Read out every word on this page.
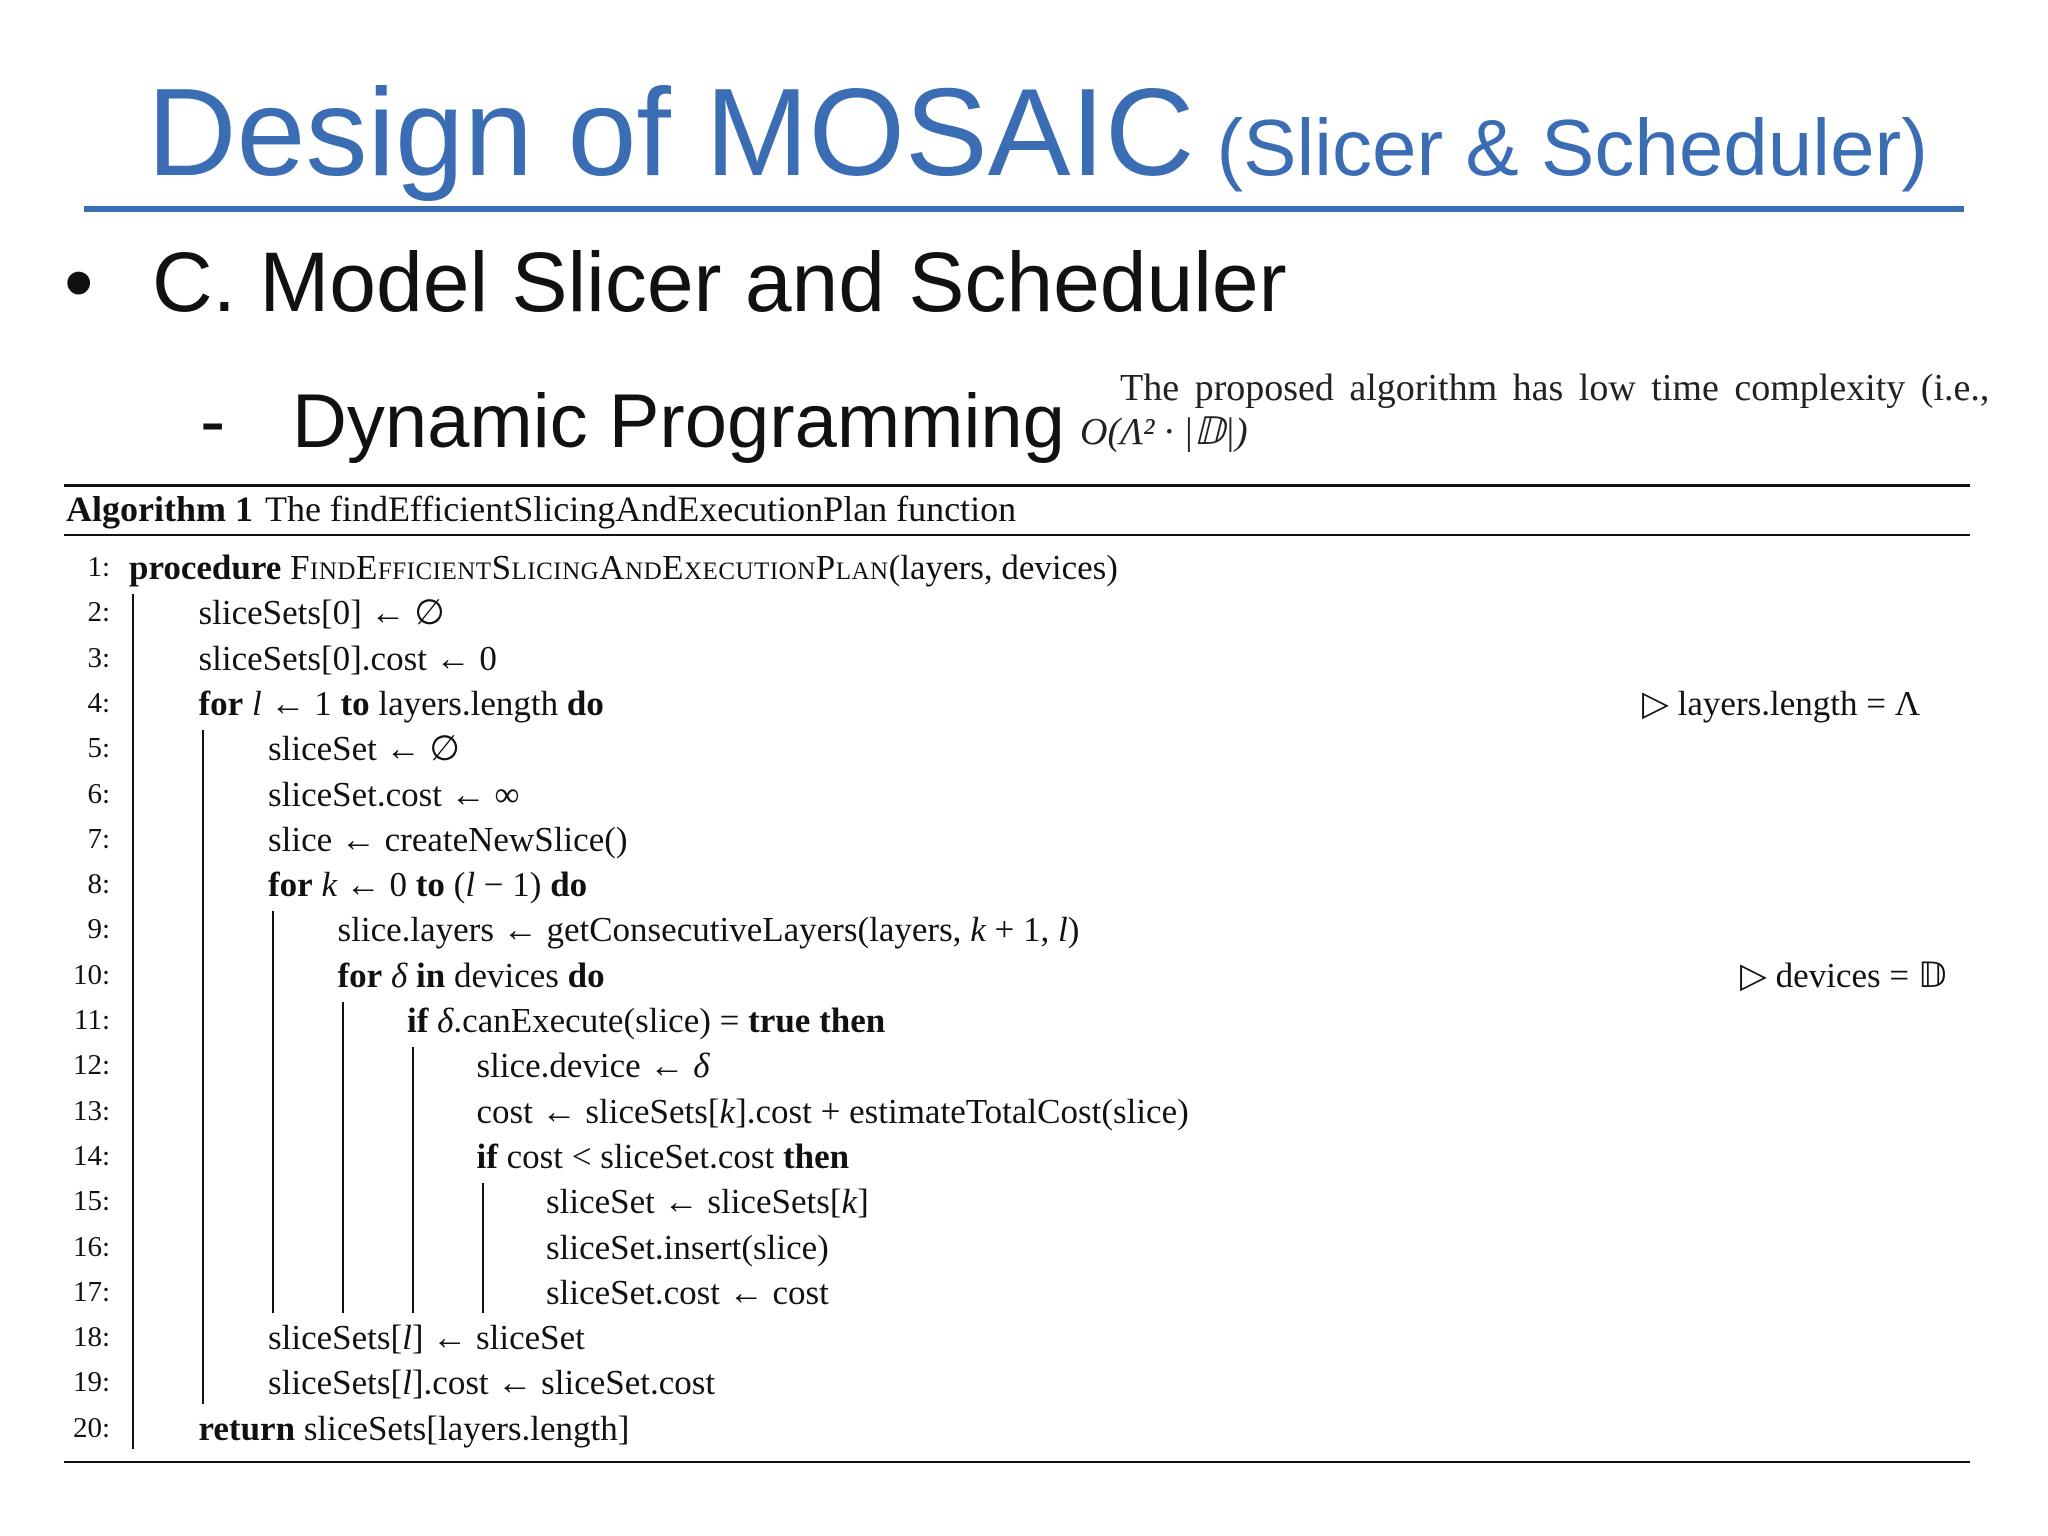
Design of MOSAIC (Slicer & Scheduler)
• C. Model Slicer and Scheduler
- Dynamic Programming	The proposed algorithm has low time complexity (i.e.,
O(Λ² · |𝔻|)
Algorithm 1 The findEfficientSlicingAndExecutionPlan function
1: procedure FindEfficientSlicingAndExecutionPlan(layers, devices)
2:	sliceSets[0] ← ∅
3:	sliceSets[0].cost ← 0
4:	for l ← 1 to layers.length do	▷ layers.length = Λ
5:	sliceSet ← ∅
6:	sliceSet.cost ← ∞
7:	slice ← createNewSlice()
8:	for k ← 0 to (l − 1) do
9:	slice.layers ← getConsecutiveLayers(layers, k + 1, l)
10:	for δ in devices do	▷ devices = 𝔻
11:	if δ.canExecute(slice) = true then
12:	slice.device ← δ
13:	cost ← sliceSets[k].cost + estimateTotalCost(slice)
14:	if cost < sliceSet.cost then
15:	sliceSet ← sliceSets[k]
16:	sliceSet.insert(slice)
17:	sliceSet.cost ← cost
18:	sliceSets[l] ← sliceSet
19:	sliceSets[l].cost ← sliceSet.cost
20:	return sliceSets[layers.length]
